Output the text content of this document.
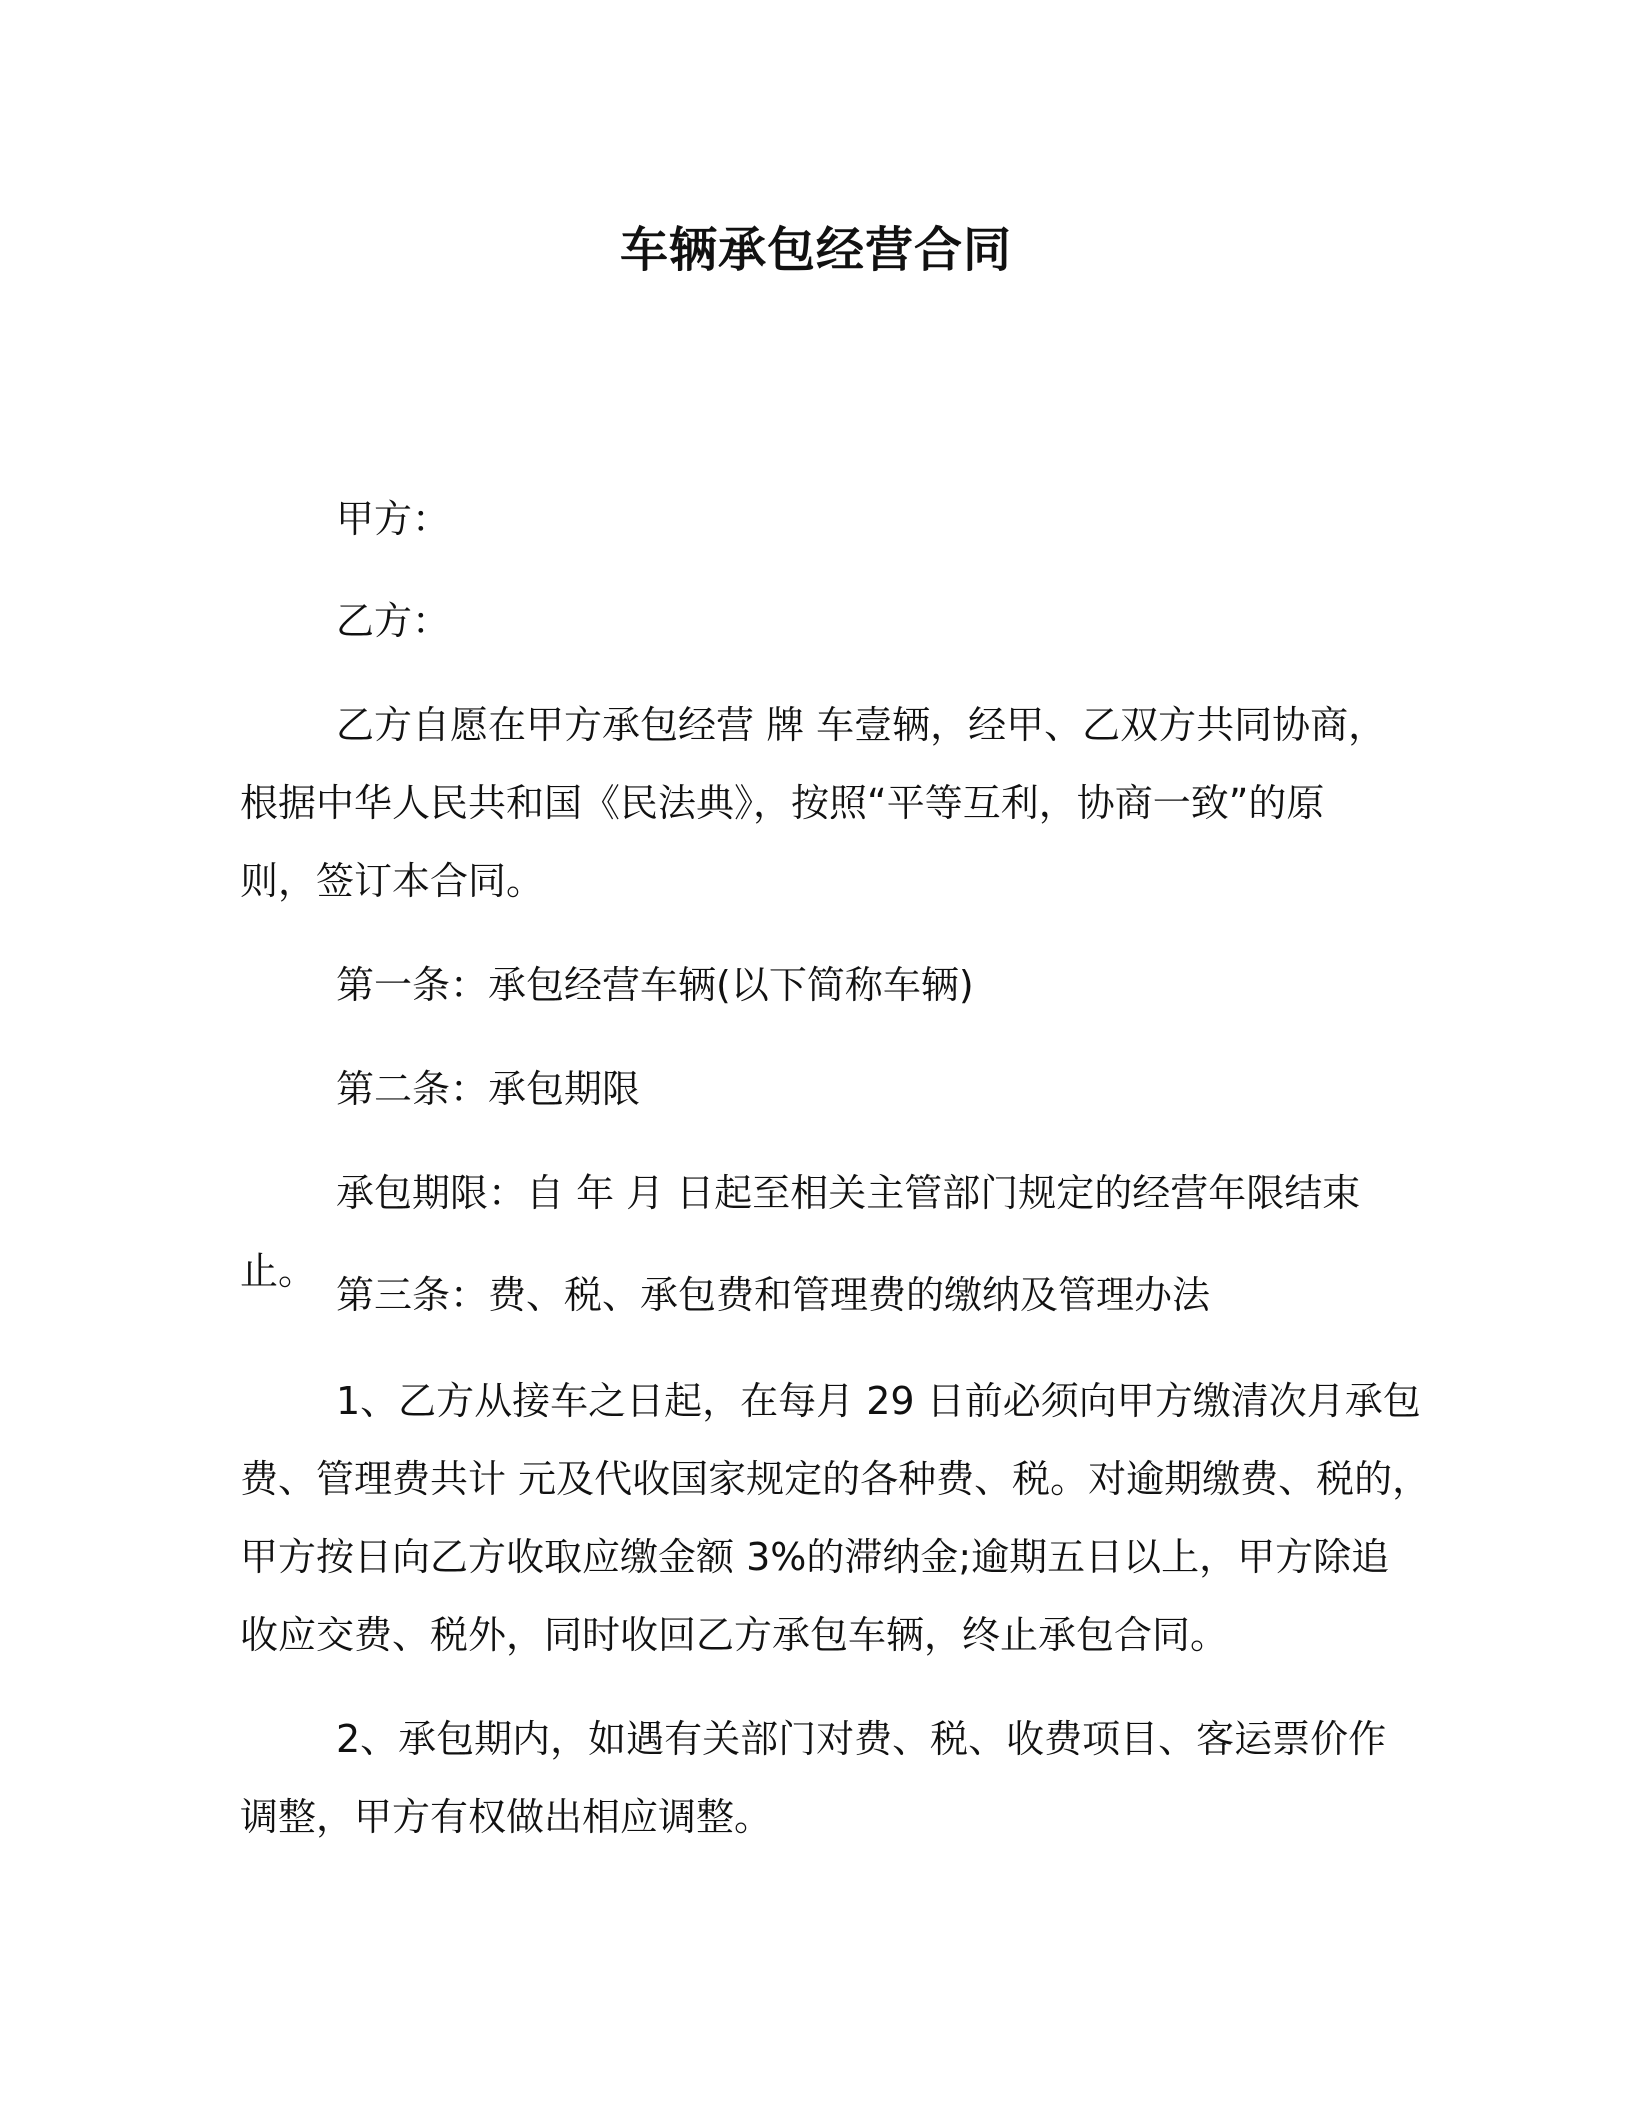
车辆承包经营合同

甲方：

乙方：

乙方自愿在甲方承包经营 牌 车壹辆，经甲、乙双方共同协商，
根据中华人民共和国《民法典》，按照“平等互利，协商一致”的原
则，签订本合同。

第一条：承包经营车辆(以下简称车辆)

第二条：承包期限

承包期限：自 年 月 日起至相关主管部门规定的经营年限结束止。

第三条：费、税、承包费和管理费的缴纳及管理办法

1、乙方从接车之日起，在每月 29 日前必须向甲方缴清次月承包
费、管理费共计 元及代收国家规定的各种费、税。对逾期缴费、税的，
甲方按日向乙方收取应缴金额 3%的滞纳金;逾期五日以上，甲方除追
收应交费、税外，同时收回乙方承包车辆，终止承包合同。
2、承包期内，如遇有关部门对费、税、收费项目、客运票价作
调整，甲方有权做出相应调整。
